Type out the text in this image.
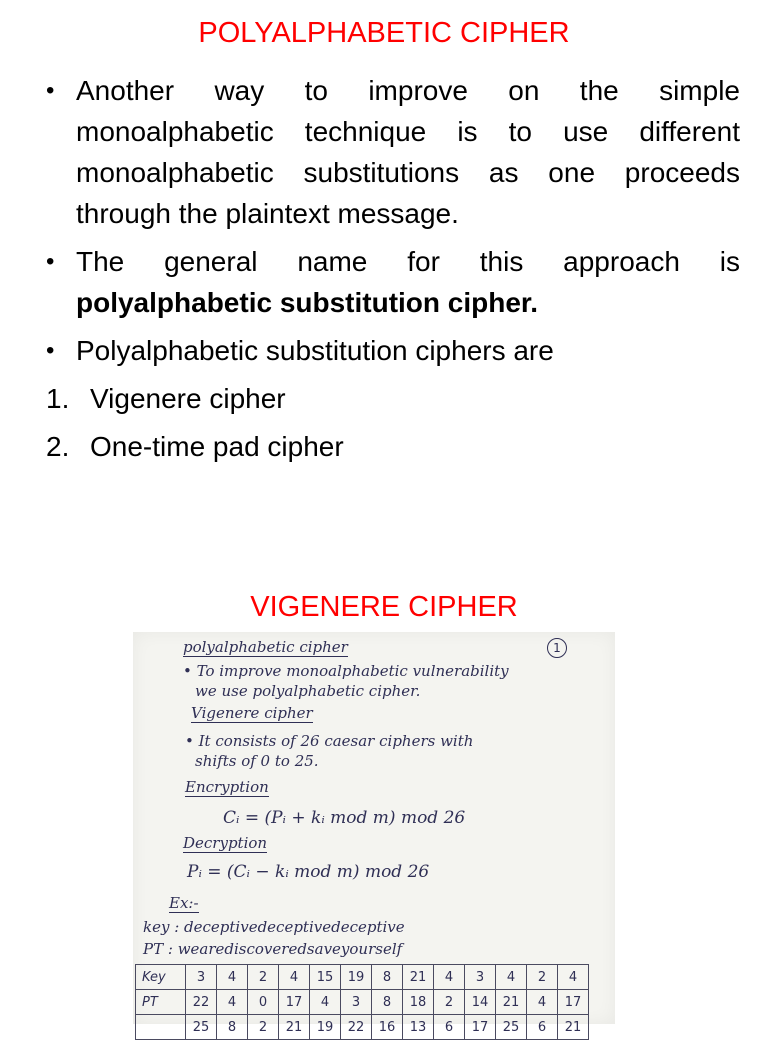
POLYALPHABETIC CIPHER
• Another way to improve on the simple
monoalphabetic technique is to use different
monoalphabetic substitutions as one proceeds
through the plaintext message.
• The general name for this approach is
polyalphabetic substitution cipher.
• Polyalphabetic substitution ciphers are
1. Vigenere cipher
2. One-time pad cipher
VIGENERE CIPHER
polyalphabetic cipher	1
• To improve monoalphabetic vulnerability
we use polyalphabetic cipher.
Vigenere cipher
• It consists of 26 caesar ciphers with
shifts of 0 to 25.
Encryption
Cᵢ = (Pᵢ + kᵢ mod m) mod 26
Decryption
Pᵢ = (Cᵢ − kᵢ mod m) mod 26
Ex:-
key : deceptivedeceptivedeceptive
PT : wearediscoveredsaveyourself
Key	3	4	2	4	15	19	8	21	4	3	4	2	4
PT	22	4	0	17	4	3	8	18	2	14	21	4	17
	25	8	2	21	19	22	16	13	6	17	25	6	21
